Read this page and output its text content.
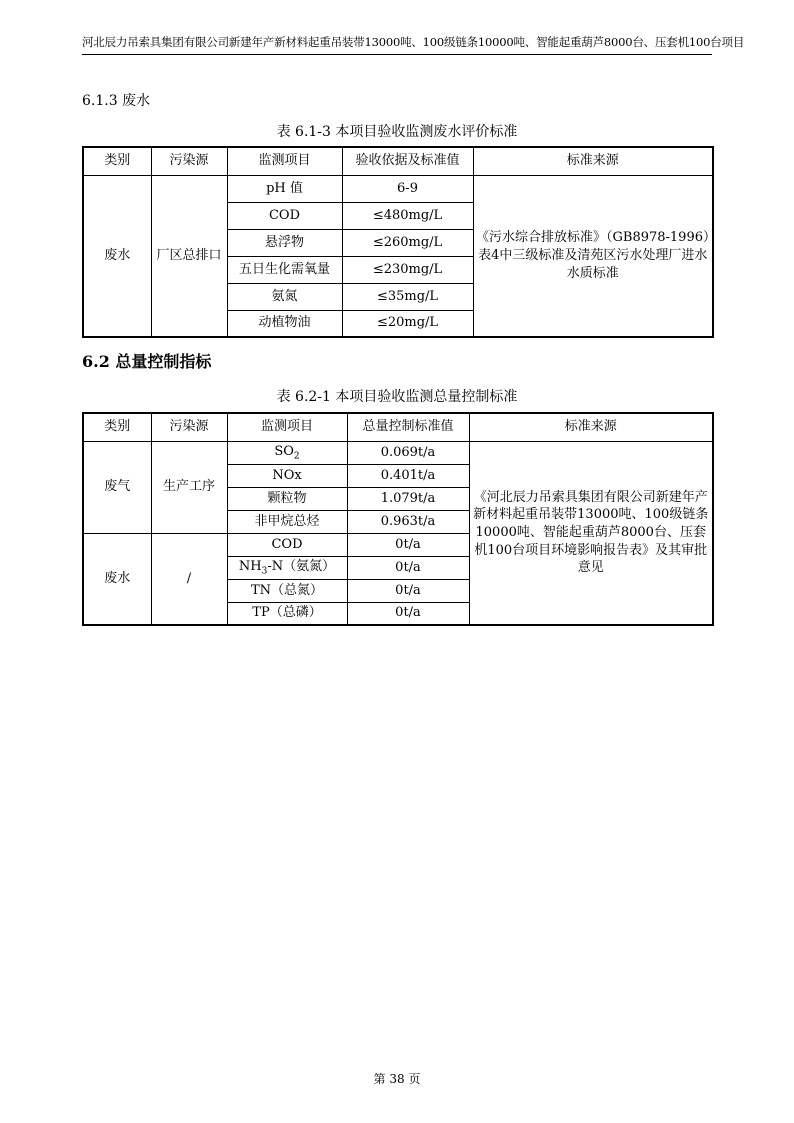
河北辰力吊索具集团有限公司新建年产新材料起重吊装带13000吨、100级链条10000吨、智能起重葫芦8000台、压套机100台项目
6.1.3 废水
表 6.1-3 本项目验收监测废水评价标准
类别	污染源	监测项目	验收依据及标准值	标准来源
废水	厂区总排口	pH 值	6-9	《污水综合排放标准》（GB8978-1996）表4中三级标准及清苑区污水处理厂进水水质标准
		COD	≤480mg/L	
		悬浮物	≤260mg/L	
		五日生化需氧量	≤230mg/L	
		氨氮	≤35mg/L	
		动植物油	≤20mg/L	
6.2 总量控制指标
表 6.2-1 本项目验收监测总量控制标准
类别	污染源	监测项目	总量控制标准值	标准来源
废气	生产工序	$SO_2$	0.069t/a	《河北辰力吊索具集团有限公司新建年产新材料起重吊装带13000吨、100级链条10000吨、智能起重葫芦8000台、压套机100台项目环境影响报告表》及其审批意见
		NOx	0.401t/a	
		颗粒物	1.079t/a	
		非甲烷总烃	0.963t/a	
废水	/	COD	0t/a	
		$NH_3-N$（氨氮）	0t/a	
		TN（总氮）	0t/a	
		TP（总磷）	0t/a	
第 38 页
